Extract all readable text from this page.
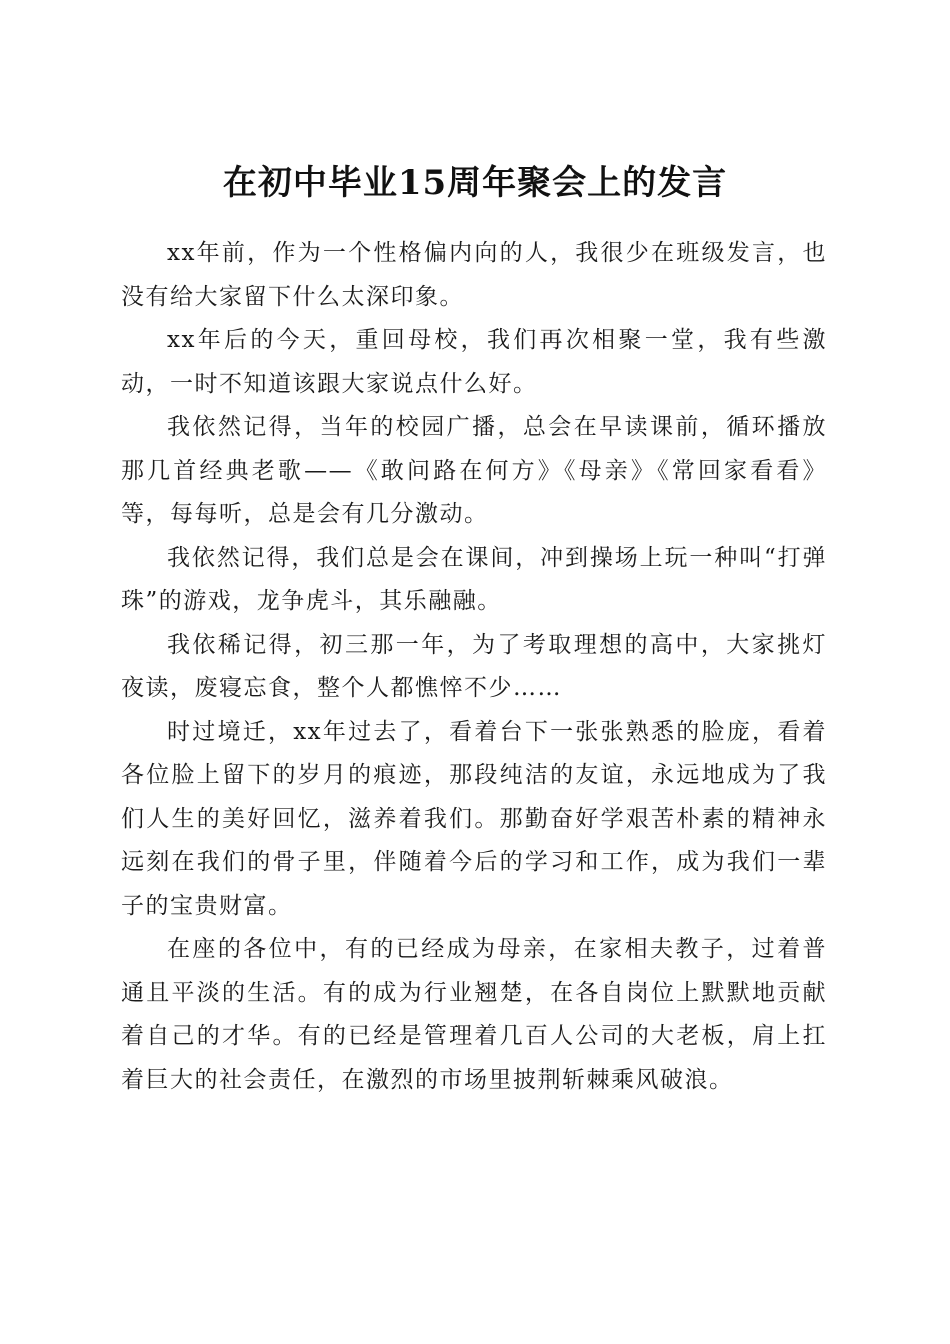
在初中毕业15周年聚会上的发言

xx年前，作为一个性格偏内向的人，我很少在班级发言，也没有给大家留下什么太深印象。

xx年后的今天，重回母校，我们再次相聚一堂，我有些激动，一时不知道该跟大家说点什么好。

我依然记得，当年的校园广播，总会在早读课前，循环播放那几首经典老歌——《敢问路在何方》《母亲》《常回家看看》等，每每听，总是会有几分激动。

我依然记得，我们总是会在课间，冲到操场上玩一种叫“打弹珠”的游戏，龙争虎斗，其乐融融。

我依稀记得，初三那一年，为了考取理想的高中，大家挑灯夜读，废寝忘食，整个人都憔悴不少……

时过境迁，xx年过去了，看着台下一张张熟悉的脸庞，看着各位脸上留下的岁月的痕迹，那段纯洁的友谊，永远地成为了我们人生的美好回忆，滋养着我们。那勤奋好学艰苦朴素的精神永远刻在我们的骨子里，伴随着今后的学习和工作，成为我们一辈子的宝贵财富。

在座的各位中，有的已经成为母亲，在家相夫教子，过着普通且平淡的生活。有的成为行业翘楚，在各自岗位上默默地贡献着自己的才华。有的已经是管理着几百人公司的大老板，肩上扛着巨大的社会责任，在激烈的市场里披荆斩棘乘风破浪。
